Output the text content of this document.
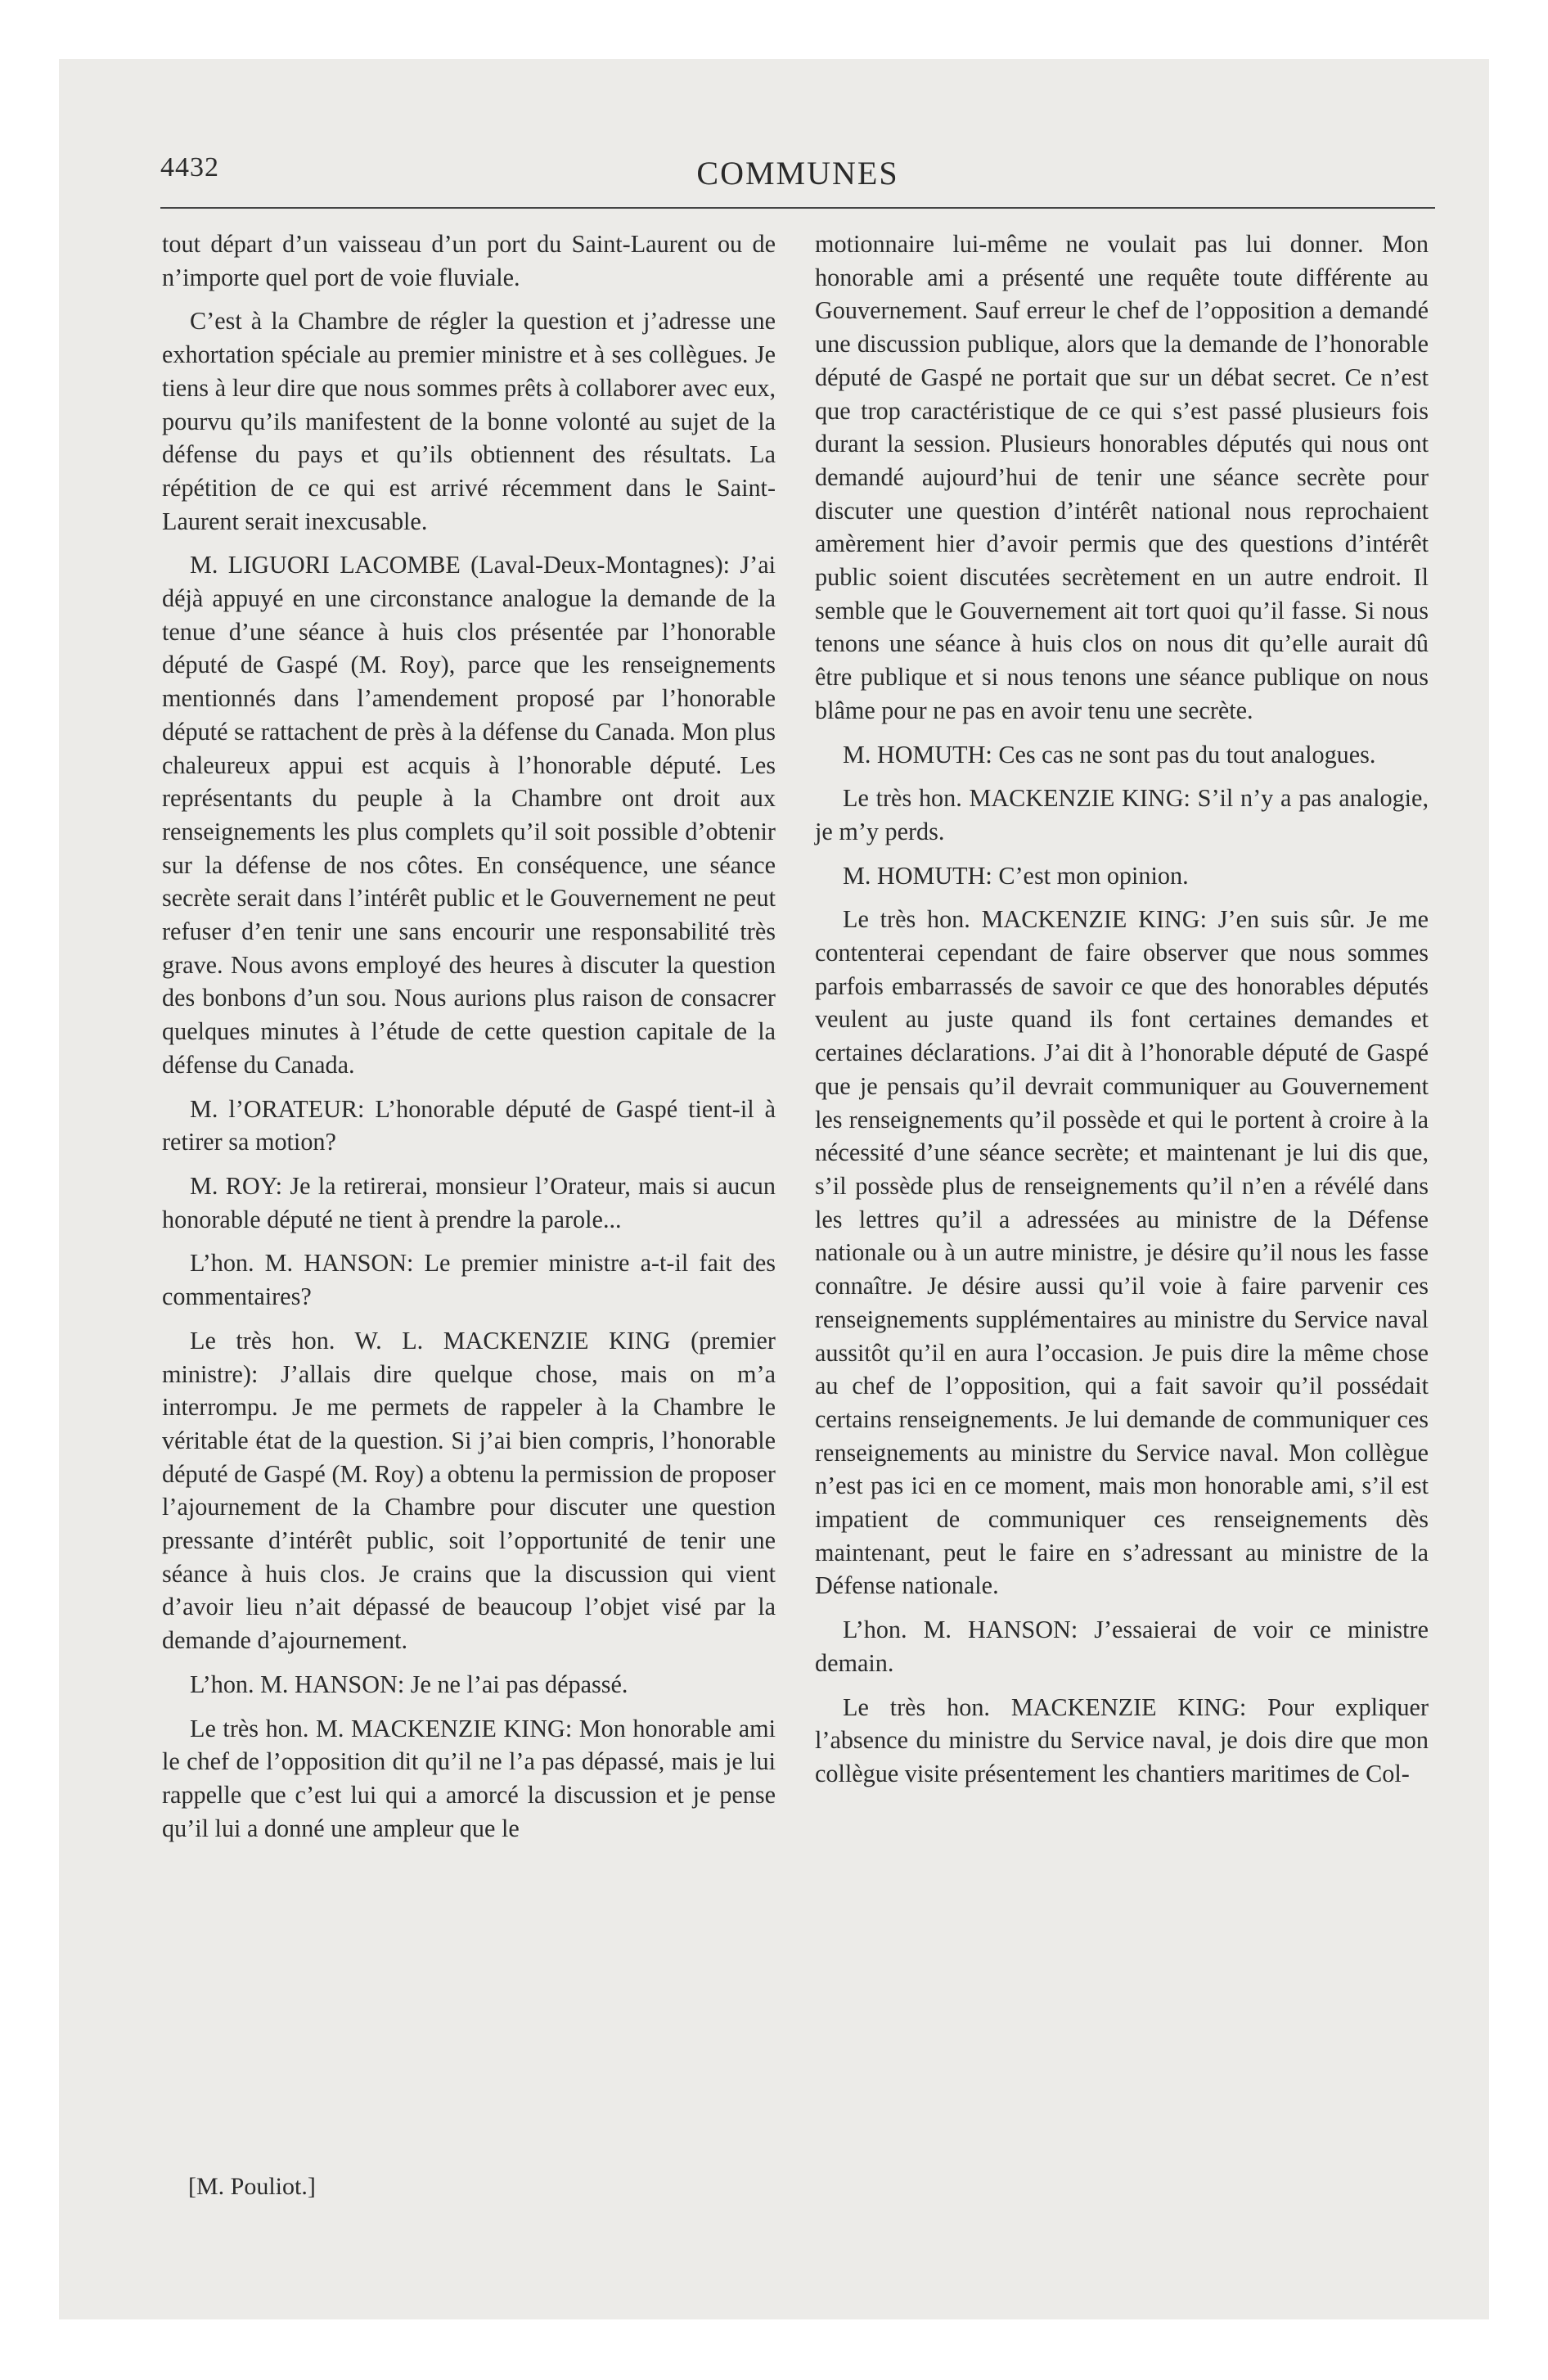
4432	COMMUNES

tout départ d’un vaisseau d’un port du Saint-Laurent ou de n’importe quel port de voie fluviale.

C’est à la Chambre de régler la question et j’adresse une exhortation spéciale au premier ministre et à ses collègues. Je tiens à leur dire que nous sommes prêts à collaborer avec eux, pourvu qu’ils manifestent de la bonne volonté au sujet de la défense du pays et qu’ils obtiennent des résultats. La répétition de ce qui est arrivé récemment dans le Saint-Laurent serait inexcusable.

M. LIGUORI LACOMBE (Laval-Deux-Montagnes): J’ai déjà appuyé en une circonstance analogue la demande de la tenue d’une séance à huis clos présentée par l’honorable député de Gaspé (M. Roy), parce que les renseignements mentionnés dans l’amendement proposé par l’honorable député se rattachent de près à la défense du Canada. Mon plus chaleureux appui est acquis à l’honorable député. Les représentants du peuple à la Chambre ont droit aux renseignements les plus complets qu’il soit possible d’obtenir sur la défense de nos côtes. En conséquence, une séance secrète serait dans l’intérêt public et le Gouvernement ne peut refuser d’en tenir une sans encourir une responsabilité très grave. Nous avons employé des heures à discuter la question des bonbons d’un sou. Nous aurions plus raison de consacrer quelques minutes à l’étude de cette question capitale de la défense du Canada.

M. l’ORATEUR: L’honorable député de Gaspé tient-il à retirer sa motion?

M. ROY: Je la retirerai, monsieur l’Orateur, mais si aucun honorable député ne tient à prendre la parole...

L’hon. M. HANSON: Le premier ministre a-t-il fait des commentaires?

Le très hon. W. L. MACKENZIE KING (premier ministre): J’allais dire quelque chose, mais on m’a interrompu. Je me permets de rappeler à la Chambre le véritable état de la question. Si j’ai bien compris, l’honorable député de Gaspé (M. Roy) a obtenu la permission de proposer l’ajournement de la Chambre pour discuter une question pressante d’intérêt public, soit l’opportunité de tenir une séance à huis clos. Je crains que la discussion qui vient d’avoir lieu n’ait dépassé de beaucoup l’objet visé par la demande d’ajournement.

L’hon. M. HANSON: Je ne l’ai pas dépassé.

Le très hon. M. MACKENZIE KING: Mon honorable ami le chef de l’opposition dit qu’il ne l’a pas dépassé, mais je lui rappelle que c’est lui qui a amorcé la discussion et je pense qu’il lui a donné une ampleur que le

motionnaire lui-même ne voulait pas lui donner. Mon honorable ami a présenté une requête toute différente au Gouvernement. Sauf erreur le chef de l’opposition a demandé une discussion publique, alors que la demande de l’honorable député de Gaspé ne portait que sur un débat secret. Ce n’est que trop caractéristique de ce qui s’est passé plusieurs fois durant la session. Plusieurs honorables députés qui nous ont demandé aujourd’hui de tenir une séance secrète pour discuter une question d’intérêt national nous reprochaient amèrement hier d’avoir permis que des questions d’intérêt public soient discutées secrètement en un autre endroit. Il semble que le Gouvernement ait tort quoi qu’il fasse. Si nous tenons une séance à huis clos on nous dit qu’elle aurait dû être publique et si nous tenons une séance publique on nous blâme pour ne pas en avoir tenu une secrète.

M. HOMUTH: Ces cas ne sont pas du tout analogues.

Le très hon. MACKENZIE KING: S’il n’y a pas analogie, je m’y perds.

M. HOMUTH: C’est mon opinion.

Le très hon. MACKENZIE KING: J’en suis sûr. Je me contenterai cependant de faire observer que nous sommes parfois embarrassés de savoir ce que des honorables députés veulent au juste quand ils font certaines demandes et certaines déclarations. J’ai dit à l’honorable député de Gaspé que je pensais qu’il devrait communiquer au Gouvernement les renseignements qu’il possède et qui le portent à croire à la nécessité d’une séance secrète; et maintenant je lui dis que, s’il possède plus de renseignements qu’il n’en a révélé dans les lettres qu’il a adressées au ministre de la Défense nationale ou à un autre ministre, je désire qu’il nous les fasse connaître. Je désire aussi qu’il voie à faire parvenir ces renseignements supplémentaires au ministre du Service naval aussitôt qu’il en aura l’occasion. Je puis dire la même chose au chef de l’opposition, qui a fait savoir qu’il possédait certains renseignements. Je lui demande de communiquer ces renseignements au ministre du Service naval. Mon collègue n’est pas ici en ce moment, mais mon honorable ami, s’il est impatient de communiquer ces renseignements dès maintenant, peut le faire en s’adressant au ministre de la Défense nationale.

L’hon. M. HANSON: J’essaierai de voir ce ministre demain.

Le très hon. MACKENZIE KING: Pour expliquer l’absence du ministre du Service naval, je dois dire que mon collègue visite présentement les chantiers maritimes de Col-

[M. Pouliot.]
